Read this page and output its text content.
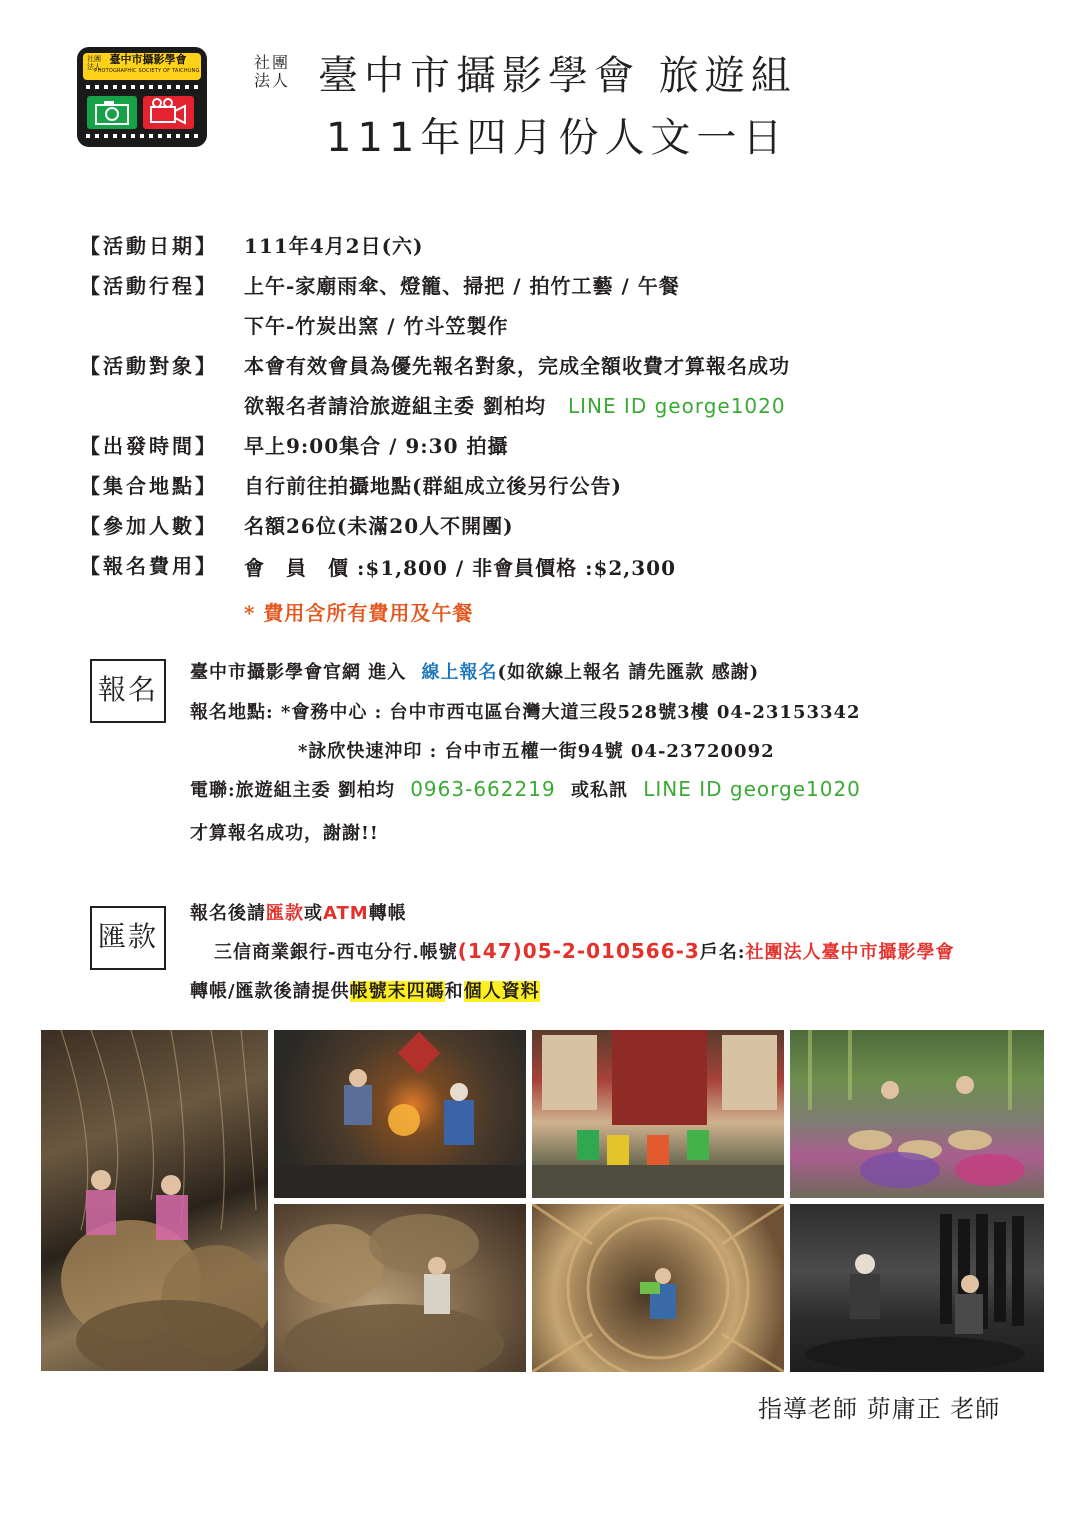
社團法人
臺中市攝影學會
PHOTOGRAPHIC SOCIETY OF TAICHUNG	社團法人 臺中市攝影學會 旅遊組
111年四月份人文一日
【活動日期】 111年4月2日(六)
【活動行程】 上午-家廟雨傘、燈籠、掃把 / 拍竹工藝 / 午餐
下午-竹炭出窯 / 竹斗笠製作
【活動對象】 本會有效會員為優先報名對象，完成全額收費才算報名成功
欲報名者請洽旅遊組主委 劉柏均 LINE ID george1020
【出發時間】 早上9:00集合 / 9:30 拍攝
【集合地點】 自行前往拍攝地點(群組成立後另行公告)
【參加人數】 名額26位(未滿20人不開團)
【報名費用】 會　員　價 :$1,800 / 非會員價格 :$2,300
* 費用含所有費用及午餐
報名
臺中市攝影學會官網 進入 線上報名(如欲線上報名 請先匯款 感謝)
報名地點: *會務中心 : 台中市西屯區台灣大道三段528號3樓 04-23153342
*詠欣快速沖印 : 台中市五權一街94號 04-23720092
電聯:旅遊組主委 劉柏均 0963-662219 或私訊 LINE ID george1020
才算報名成功，謝謝!!
匯款
報名後請匯款或ATM轉帳
三信商業銀行-西屯分行.帳號(147)05-2-010566-3戶名:社團法人臺中市攝影學會
轉帳/匯款後請提供帳號末四碼和個人資料
指導老師 茆庸正 老師
